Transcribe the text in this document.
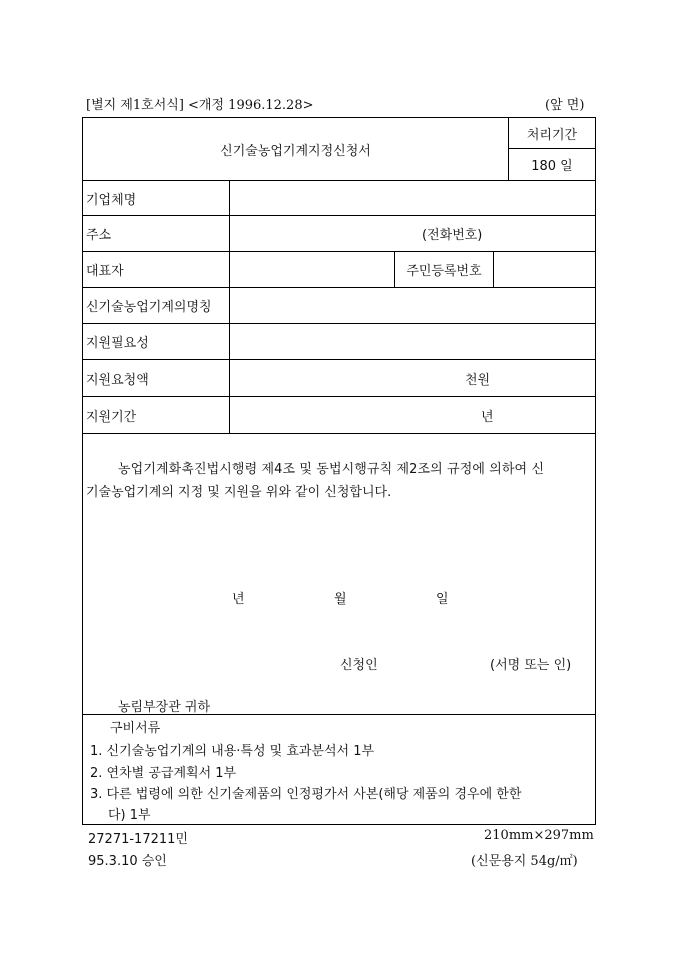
[별지 제1호서식] <개정 1996.12.28>	(앞 면)
신기술농업기계지정신청서
처리기간
180 일
기업체명
주소	(전화번호)
대표자	주민등록번호
신기술농업기계의명칭
지원필요성
지원요청액	천원
지원기간	년
농업기계화촉진법시행령 제4조 및 동법시행규칙 제2조의 규정에 의하여 신
기술농업기계의 지정 및 지원을 위와 같이 신청합니다.
년	월	일
신청인	(서명 또는 인)
농림부장관 귀하
구비서류
1. 신기술농업기계의 내용·특성 및 효과분석서 1부
2. 연차별 공급계획서 1부
3. 다른 법령에 의한 신기술제품의 인정평가서 사본(해당 제품의 경우에 한한
다) 1부
27271-17211민
95.3.10 승인
210mm×297mm
(신문용지 54g/㎡)
